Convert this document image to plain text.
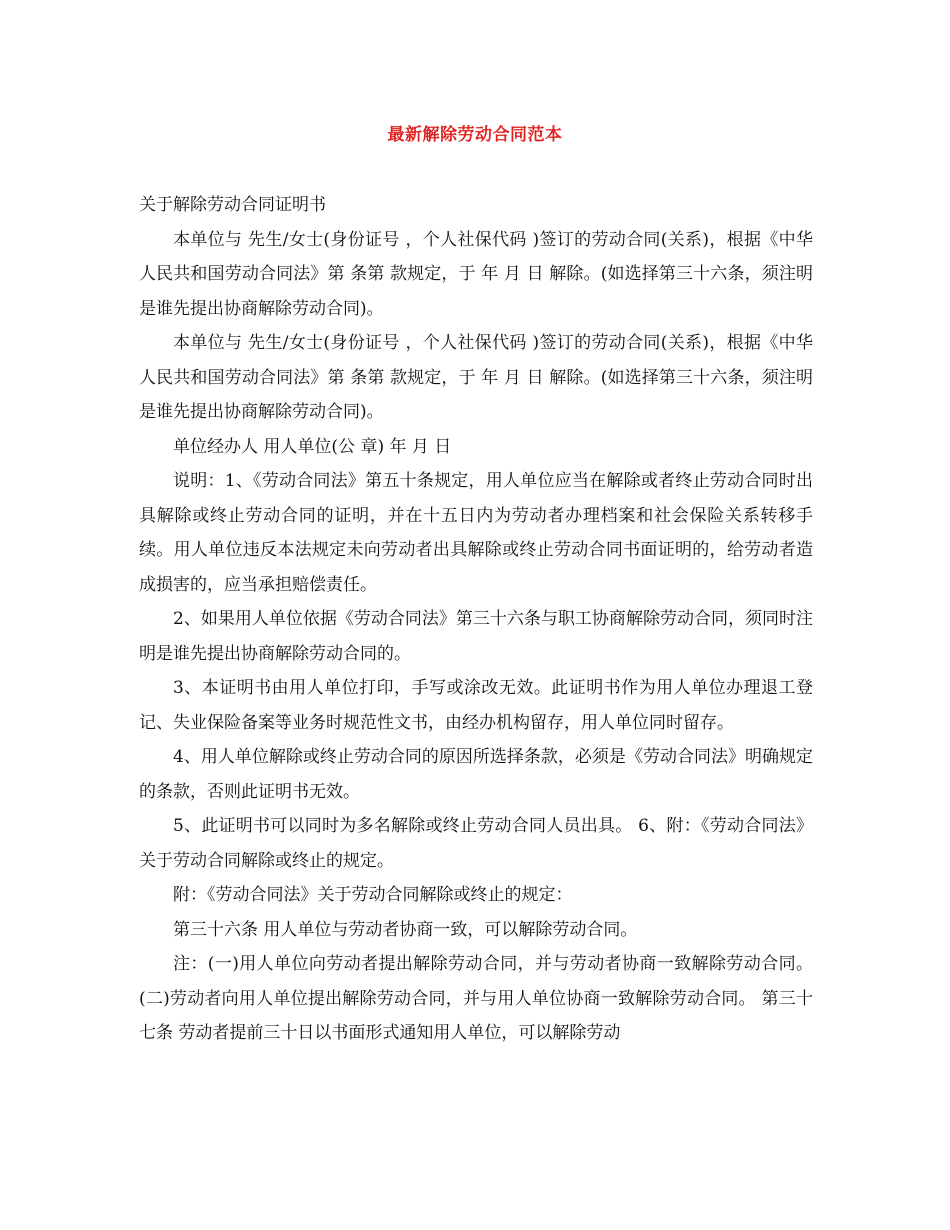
最新解除劳动合同范本

关于解除劳动合同证明书

本单位与 先生/女士(身份证号 ，个人社保代码 )签订的劳动合同(关系)，根据《中华人民共和国劳动合同法》第 条第 款规定，于 年 月 日 解除。(如选择第三十六条，须注明是谁先提出协商解除劳动合同)。

本单位与 先生/女士(身份证号 ，个人社保代码 )签订的劳动合同(关系)，根据《中华人民共和国劳动合同法》第 条第 款规定，于 年 月 日 解除。(如选择第三十六条，须注明是谁先提出协商解除劳动合同)。

单位经办人 用人单位(公 章) 年 月 日

说明：1、《劳动合同法》第五十条规定，用人单位应当在解除或者终止劳动合同时出具解除或终止劳动合同的证明，并在十五日内为劳动者办理档案和社会保险关系转移手续。用人单位违反本法规定未向劳动者出具解除或终止劳动合同书面证明的，给劳动者造成损害的，应当承担赔偿责任。

2、如果用人单位依据《劳动合同法》第三十六条与职工协商解除劳动合同，须同时注明是谁先提出协商解除劳动合同的。

3、本证明书由用人单位打印，手写或涂改无效。此证明书作为用人单位办理退工登记、失业保险备案等业务时规范性文书，由经办机构留存，用人单位同时留存。

4、用人单位解除或终止劳动合同的原因所选择条款，必须是《劳动合同法》明确规定的条款，否则此证明书无效。

5、此证明书可以同时为多名解除或终止劳动合同人员出具。 6、附：《劳动合同法》关于劳动合同解除或终止的规定。

附：《劳动合同法》关于劳动合同解除或终止的规定：

第三十六条 用人单位与劳动者协商一致，可以解除劳动合同。

注：(一)用人单位向劳动者提出解除劳动合同，并与劳动者协商一致解除劳动合同。 (二)劳动者向用人单位提出解除劳动合同，并与用人单位协商一致解除劳动合同。 第三十七条 劳动者提前三十日以书面形式通知用人单位，可以解除劳动
